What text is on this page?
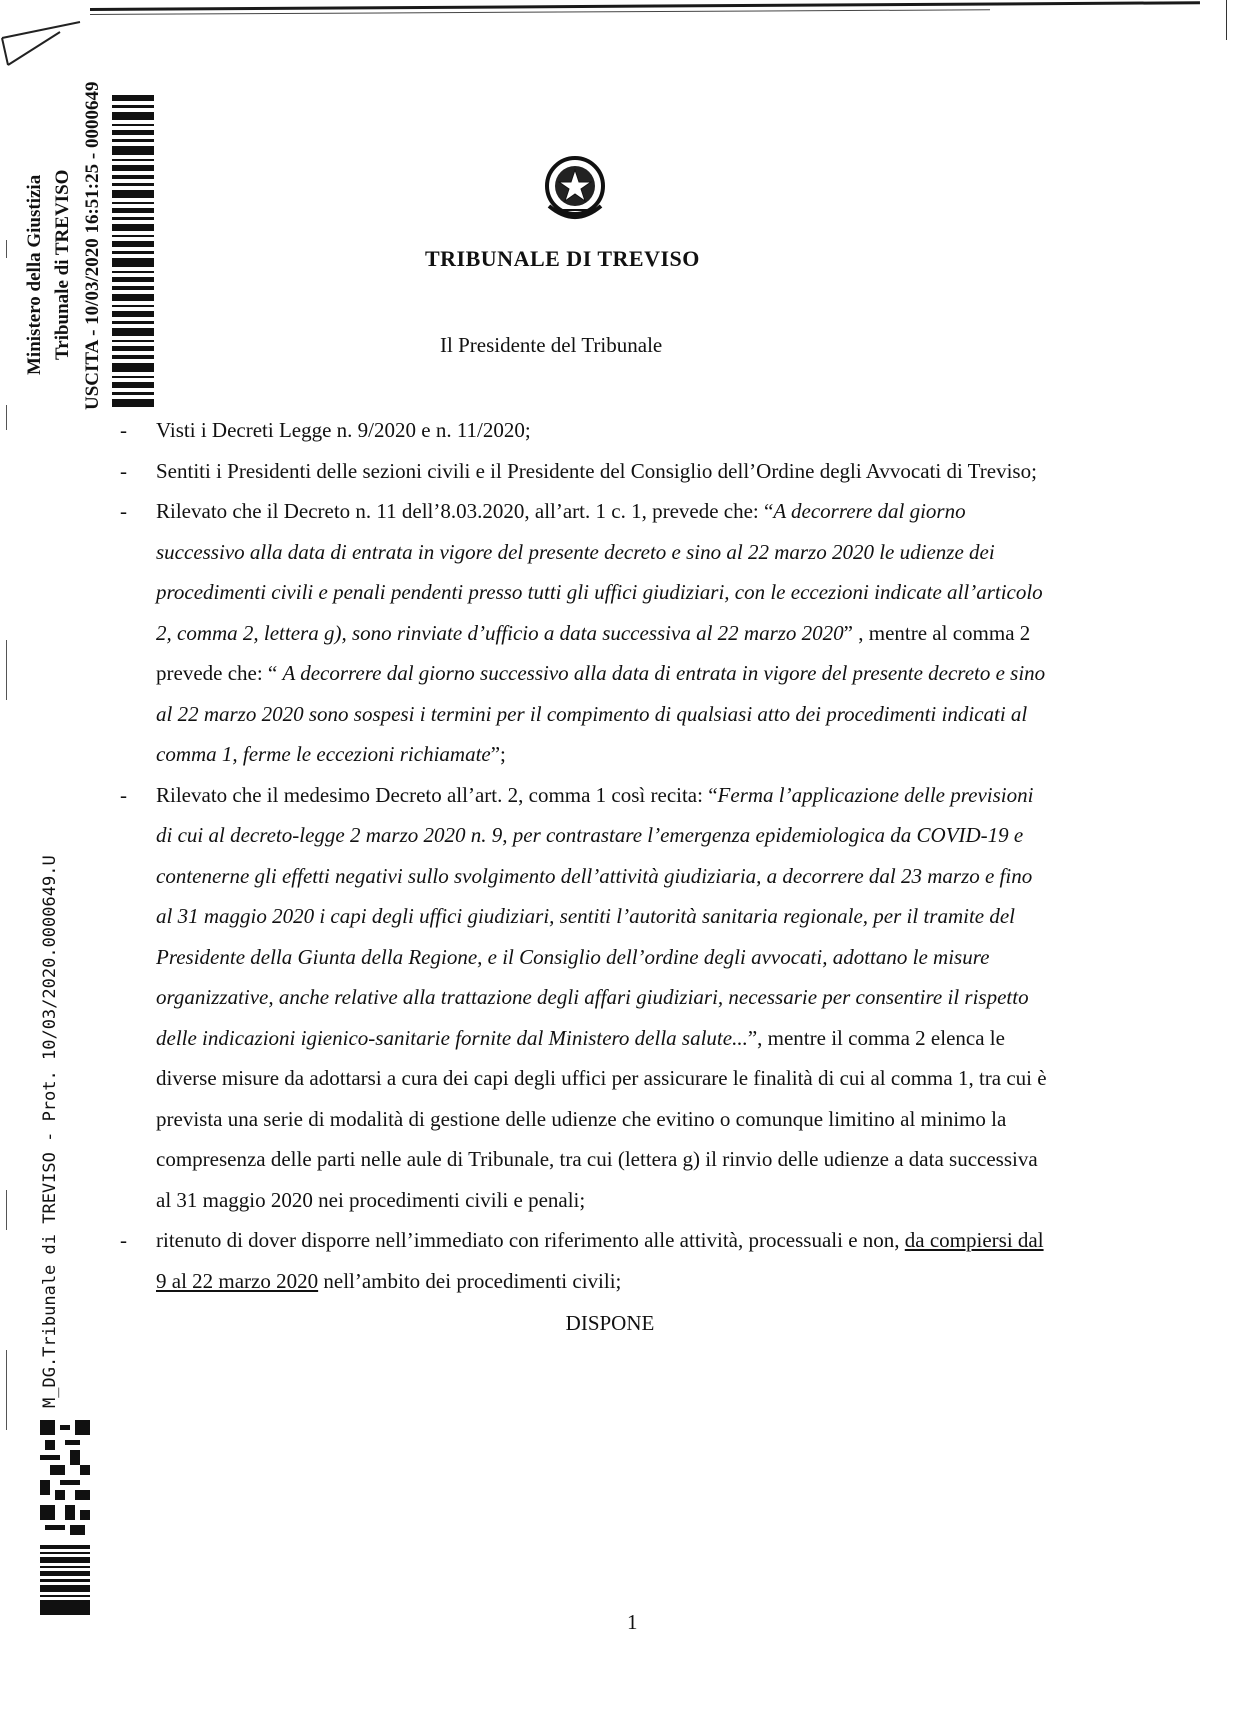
Ministero della Giustizia Tribunale di TREVISO USCITA - 10/03/2020 16:51:25 - 0000649
M_DG.Tribunale di TREVISO - Prot. 10/03/2020.0000649.U
TRIBUNALE DI TREVISO
Il Presidente del Tribunale
- Visti i Decreti Legge n. 9/2020 e n. 11/2020;
- Sentiti i Presidenti delle sezioni civili e il Presidente del Consiglio dell’Ordine degli Avvocati di Treviso;
- Rilevato che il Decreto n. 11 dell’8.03.2020, all’art. 1 c. 1, prevede che: “A decorrere dal giorno successivo alla data di entrata in vigore del presente decreto e sino al 22 marzo 2020 le udienze dei procedimenti civili e penali pendenti presso tutti gli uffici giudiziari, con le eccezioni indicate all’articolo 2, comma 2, lettera g), sono rinviate d’ufficio a data successiva al 22 marzo 2020” , mentre al comma 2 prevede che: “ A decorrere dal giorno successivo alla data di entrata in vigore del presente decreto e sino al 22 marzo 2020 sono sospesi i termini per il compimento di qualsiasi atto dei procedimenti indicati al comma 1, ferme le eccezioni richiamate”;
- Rilevato che il medesimo Decreto all’art. 2, comma 1 così recita: “Ferma l’applicazione delle previsioni di cui al decreto-legge 2 marzo 2020 n. 9, per contrastare l’emergenza epidemiologica da COVID-19 e contenerne gli effetti negativi sullo svolgimento dell’attività giudiziaria, a decorrere dal 23 marzo e fino al 31 maggio 2020 i capi degli uffici giudiziari, sentiti l’autorità sanitaria regionale, per il tramite del Presidente della Giunta della Regione, e il Consiglio dell’ordine degli avvocati, adottano le misure organizzative, anche relative alla trattazione degli affari giudiziari, necessarie per consentire il rispetto delle indicazioni igienico-sanitarie fornite dal Ministero della salute...”, mentre il comma 2 elenca le diverse misure da adottarsi a cura dei capi degli uffici per assicurare le finalità di cui al comma 1, tra cui è prevista una serie di modalità di gestione delle udienze che evitino o comunque limitino al minimo la compresenza delle parti nelle aule di Tribunale, tra cui (lettera g) il rinvio delle udienze a data successiva al 31 maggio 2020 nei procedimenti civili e penali;
- ritenuto di dover disporre nell’immediato con riferimento alle attività, processuali e non, da compiersi dal 9 al 22 marzo 2020 nell’ambito dei procedimenti civili;
DISPONE
1
